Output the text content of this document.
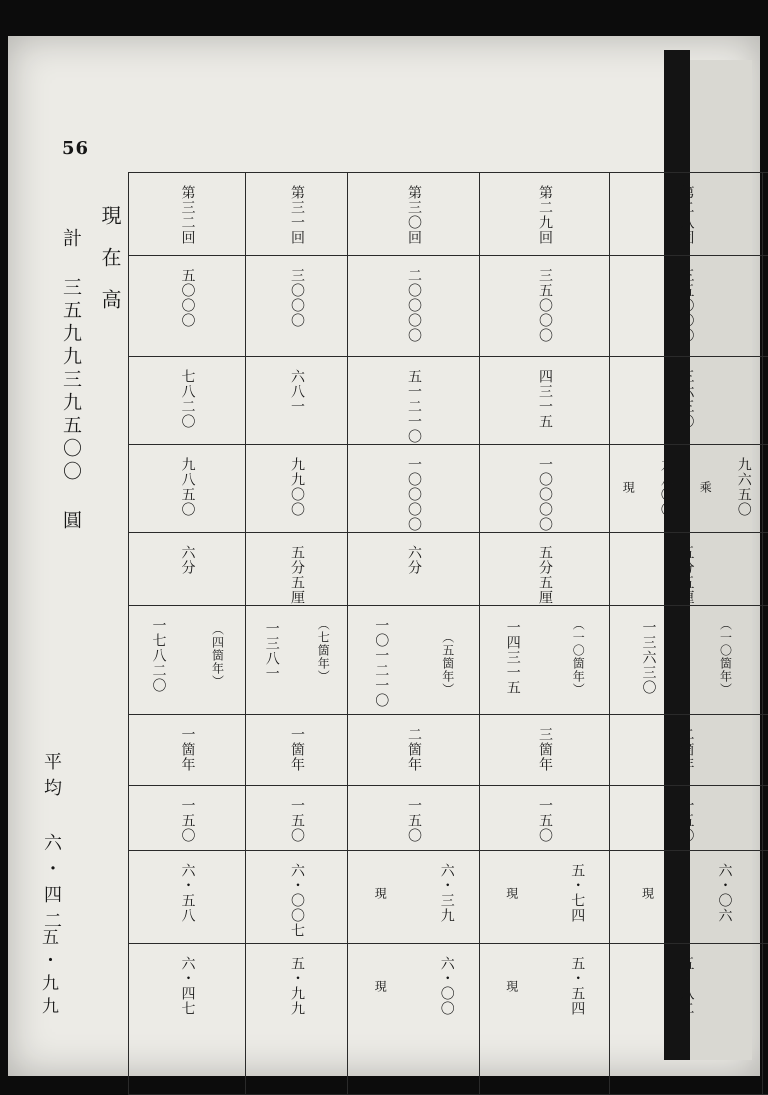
56
現在高
計 三五九九三九五〇〇 圓
平均 六・四二
五・九九

第二八回	第二九回	第三〇回	第三一回	第三二回

三五〇〇〇	三五〇〇〇	二〇〇〇〇	三〇〇〇	五〇〇〇

三六三〇	四三一五	五一二一〇	六八一	七八二〇

現 九八〇〇 乘 九六五〇	一〇〇〇〇	一〇〇〇〇	九九〇〇	九八五〇

五分五厘	五分五厘	六分	五分五厘	六分

一三六三〇 （一〇箇年）	一四三一五 （一〇箇年）	一〇一二一〇 （五箇年）	一三八一 （七箇年）	一七八二〇 （四箇年）

二箇年	三箇年	二箇年	一箇年	一箇年

一五〇	一五〇	一五〇	一五〇	一五〇

現 六・〇六	現 五・七四	現 六・三九	六・〇〇七	六・五八

五・八二	現 五・五四	現 六・〇〇	五・九九	六・四七
